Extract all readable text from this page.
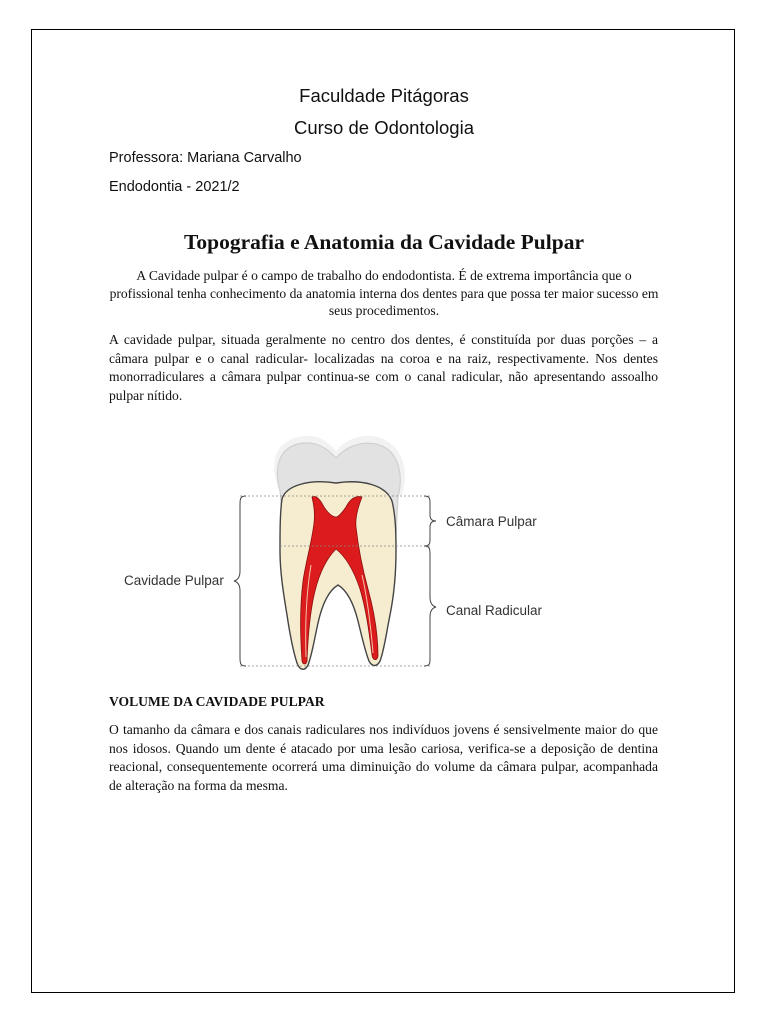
Faculdade Pitágoras
Curso de Odontologia
Professora: Mariana Carvalho
Endodontia - 2021/2
Topografia e Anatomia da Cavidade Pulpar
A Cavidade pulpar é o campo de trabalho do endodontista. É de extrema importância que o profissional tenha conhecimento da anatomia interna dos dentes para que possa ter maior sucesso em seus procedimentos.
A cavidade pulpar, situada geralmente no centro dos dentes, é constituída por duas porções – a câmara pulpar e o canal radicular- localizadas na coroa e na raiz, respectivamente. Nos dentes monorradiculares a câmara pulpar continua-se com o canal radicular, não apresentando assoalho pulpar nítido.
Cavidade Pulpar
Câmara Pulpar
Canal Radicular
VOLUME DA CAVIDADE PULPAR
O tamanho da câmara e dos canais radiculares nos indivíduos jovens é sensivelmente maior do que nos idosos. Quando um dente é atacado por uma lesão cariosa, verifica-se a deposição de dentina reacional, consequentemente ocorrerá uma diminuição do volume da câmara pulpar, acompanhada de alteração na forma da mesma.
